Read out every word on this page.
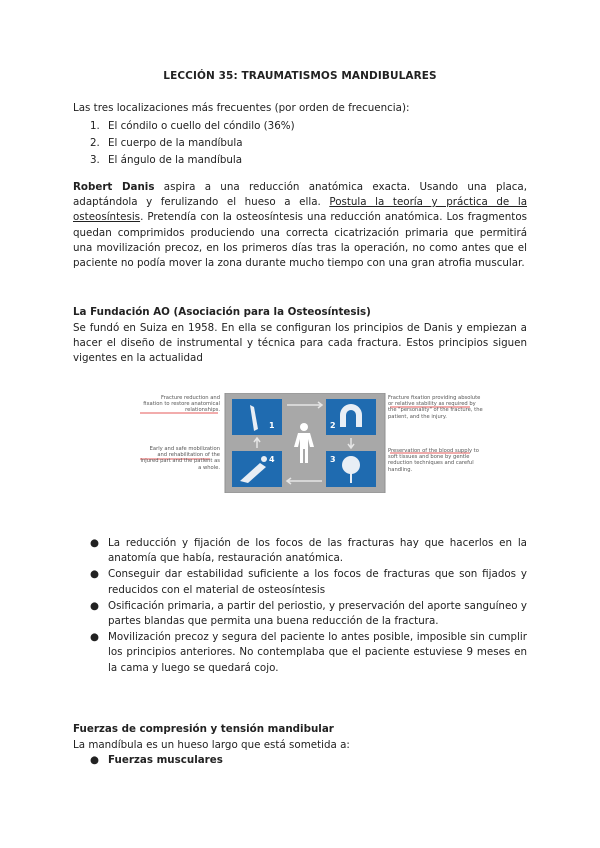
LECCIÓN 35: TRAUMATISMOS MANDIBULARES
Las tres localizaciones más frecuentes (por orden de frecuencia):
1. El cóndilo o cuello del cóndilo (36%)
2. El cuerpo de la mandíbula
3. El ángulo de la mandíbula
Robert Danis aspira a una reducción anatómica exacta. Usando una placa, adaptándola y ferulizando el hueso a ella. Postula la teoría y práctica de la osteosíntesis. Pretendía con la osteosíntesis una reducción anatómica. Los fragmentos quedan comprimidos produciendo una correcta cicatrización primaria que permitirá una movilización precoz, en los primeros días tras la operación, no como antes que el paciente no podía mover la zona durante mucho tiempo con una gran atrofia muscular.
La Fundación AO (Asociación para la Osteosíntesis)
Se fundó en Suiza en 1958. En ella se configuran los principios de Danis y empiezan a hacer el diseño de instrumental y técnica para cada fractura. Estos principios siguen vigentes en la actualidad
Fracture reduction and fixation to restore anatomical relationships.
Fracture fixation providing absolute or relative stability as required by the "personality" of the fracture, the patient, and the injury.
Early and safe mobilization and rehabilitation of the injured part and the patient as a whole.
Preservation of the blood supply to soft tissues and bone by gentle reduction techniques and careful handling.
1	2
3
4
● La reducción y fijación de los focos de las fracturas hay que hacerlos en la anatomía que había, restauración anatómica.
● Conseguir dar estabilidad suficiente a los focos de fracturas que son fijados y reducidos con el material de osteosíntesis
● Osificación primaria, a partir del periostio, y preservación del aporte sanguíneo y partes blandas que permita una buena reducción de la fractura.
● Movilización precoz y segura del paciente lo antes posible, imposible sin cumplir los principios anteriores. No contemplaba que el paciente estuviese 9 meses en la cama y luego se quedará cojo.
Fuerzas de compresión y tensión mandibular
La mandíbula es un hueso largo que está sometida a:
● Fuerzas musculares
